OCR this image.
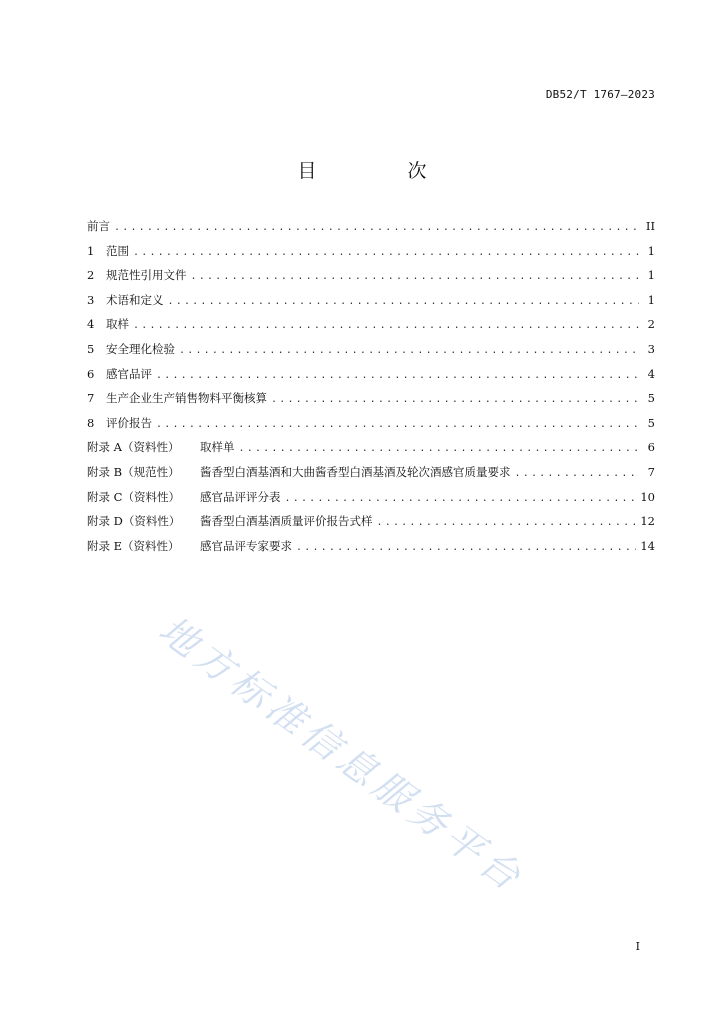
DB52/T 1767—2023
目　次
前言 .....	II
1	范围 .....	1
2	规范性引用文件 .....	1
3	术语和定义 .....	1
4	取样 .....	2
5	安全理化检验 .....	3
6	感官品评 .....	4
7	生产企业生产销售物料平衡核算 .....	5
8	评价报告 .....	5
附录 A（资料性）	取样单 .....	6
附录 B（规范性）	酱香型白酒基酒和大曲酱香型白酒基酒及轮次酒感官质量要求 .....	7
附录 C（资料性）	感官品评评分表 .....	10
附录 D（资料性）	酱香型白酒基酒质量评价报告式样 .....	12
附录 E（资料性）	感官品评专家要求 .....	14
地方标准信息服务平台
I
